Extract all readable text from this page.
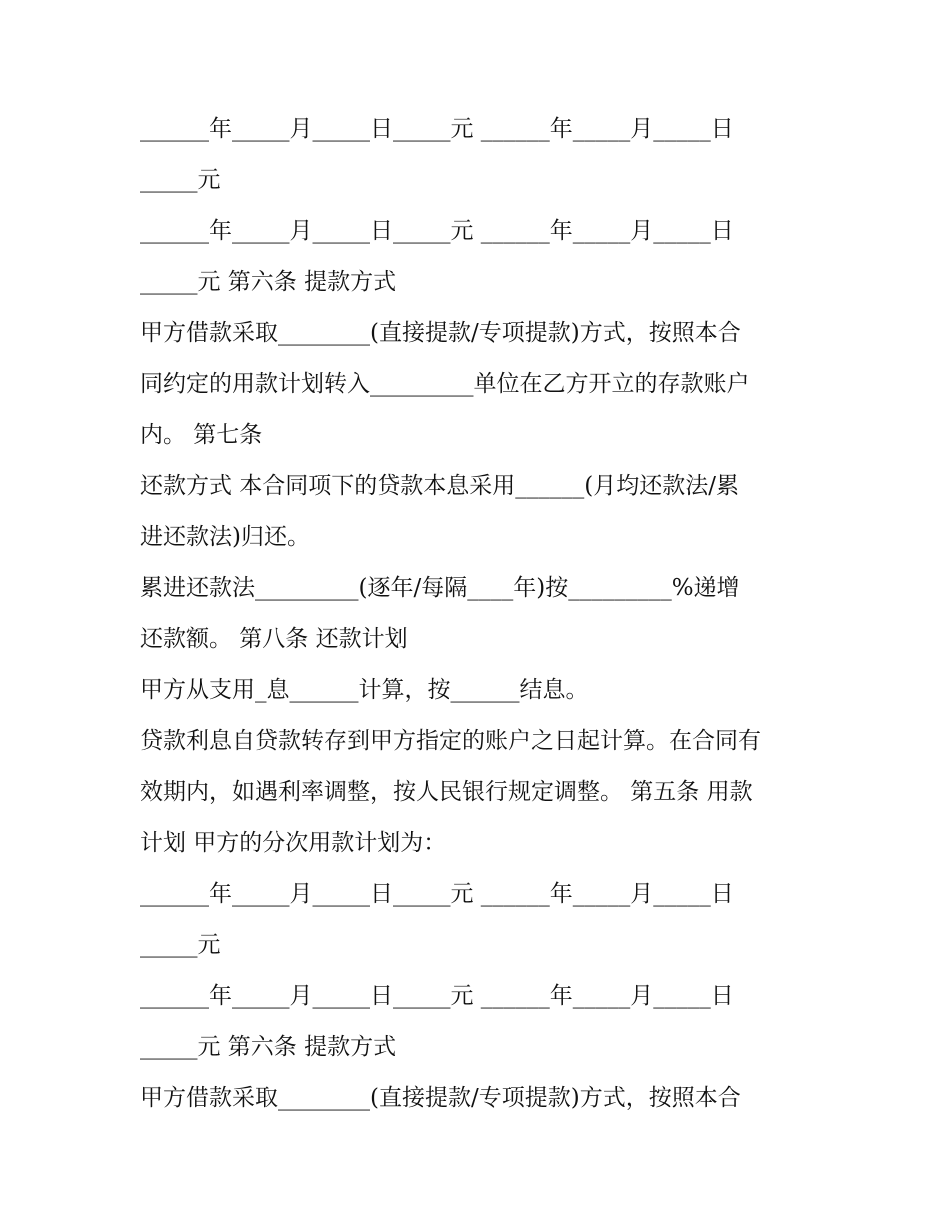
______年_____月_____日_____元 ______年_____月_____日
_____元
______年_____月_____日_____元 ______年_____月_____日
_____元 第六条 提款方式
甲方借款采取________(直接提款/专项提款)方式，按照本合
同约定的用款计划转入_________单位在乙方开立的存款账户
内。 第七条
还款方式 本合同项下的贷款本息采用______(月均还款法/累
进还款法)归还。
累进还款法_________(逐年/每隔____年)按_________%递增
还款额。 第八条 还款计划
甲方从支用_息______计算，按______结息。
贷款利息自贷款转存到甲方指定的账户之日起计算。在合同有
效期内，如遇利率调整，按人民银行规定调整。 第五条 用款
计划 甲方的分次用款计划为：
______年_____月_____日_____元 ______年_____月_____日
_____元
______年_____月_____日_____元 ______年_____月_____日
_____元 第六条 提款方式
甲方借款采取________(直接提款/专项提款)方式，按照本合
